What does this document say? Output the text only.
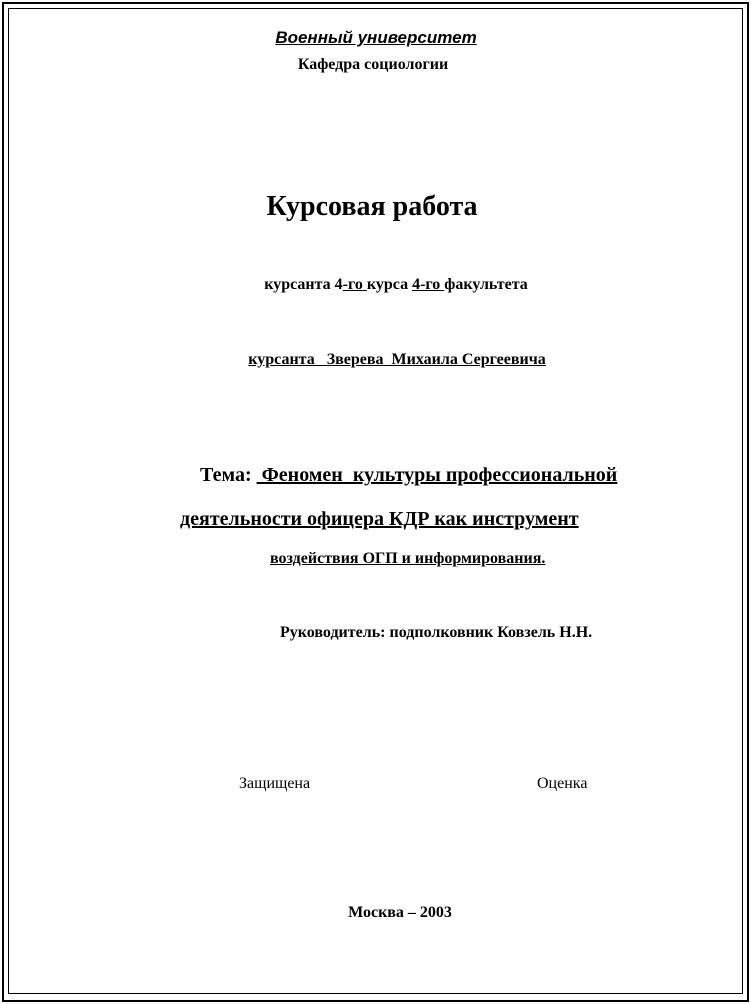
Военный университет
Кафедра социологии
Курсовая работа
курсанта 4-го курса 4-го факультета
курсанта   Зверева  Михаила Сергеевича
Тема:  Феномен  культуры профессиональной
деятельности офицера КДР как инструмент
воздействия ОГП и информирования.
Руководитель: подполковник Ковзель Н.Н.
Защищена	Оценка
Москва – 2003
